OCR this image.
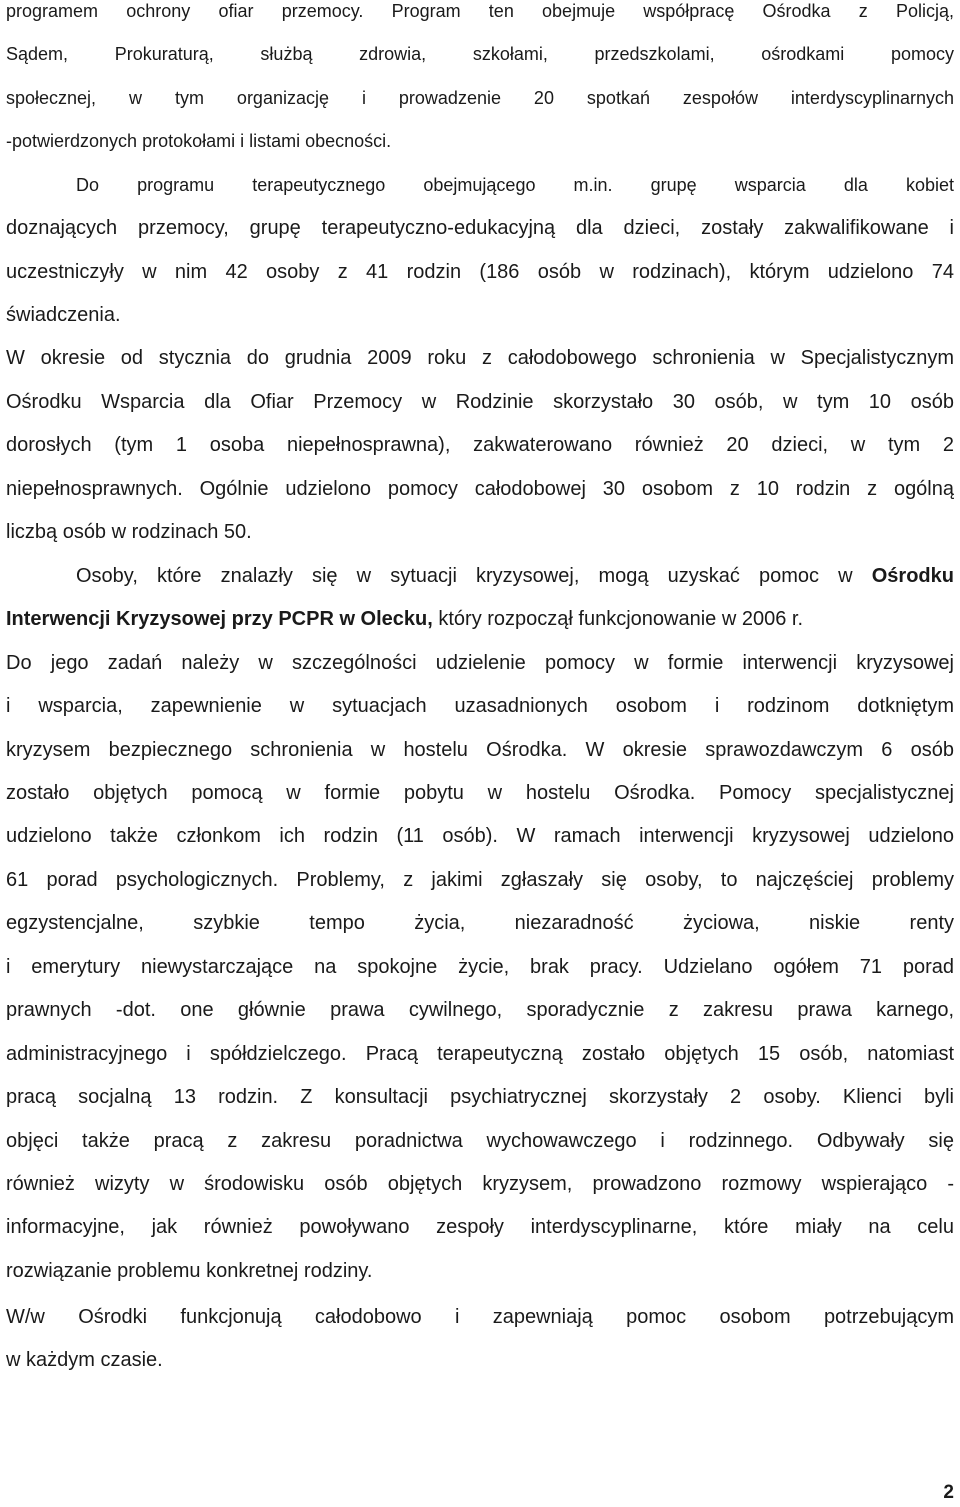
programem ochrony ofiar przemocy. Program ten obejmuje współpracę Ośrodka z Policją,
Sądem, Prokuraturą, służbą zdrowia, szkołami, przedszkolami, ośrodkami pomocy
społecznej, w tym organizację i prowadzenie 20 spotkań zespołów interdyscyplinarnych
-potwierdzonych protokołami i listami obecności.
Do programu terapeutycznego obejmującego m.in. grupę wsparcia dla kobiet
doznających przemocy, grupę terapeutyczno-edukacyjną dla dzieci, zostały zakwalifikowane i
uczestniczyły w nim 42 osoby z 41 rodzin (186 osób w rodzinach), którym udzielono 74
świadczenia.
W okresie od stycznia do grudnia 2009 roku z całodobowego schronienia w Specjalistycznym
Ośrodku Wsparcia dla Ofiar Przemocy w Rodzinie skorzystało 30 osób, w tym 10 osób
dorosłych (tym 1 osoba niepełnosprawna), zakwaterowano również 20 dzieci, w tym 2
niepełnosprawnych. Ogólnie udzielono pomocy całodobowej 30 osobom z 10 rodzin z ogólną
liczbą osób w rodzinach 50.
Osoby, które znalazły się w sytuacji kryzysowej, mogą uzyskać pomoc w Ośrodku
Interwencji Kryzysowej przy PCPR w Olecku, który rozpoczął funkcjonowanie w 2006 r.
Do jego zadań należy w szczególności udzielenie pomocy w formie interwencji kryzysowej
i wsparcia, zapewnienie w sytuacjach uzasadnionych osobom i rodzinom dotkniętym
kryzysem bezpiecznego schronienia w hostelu Ośrodka. W okresie sprawozdawczym 6 osób
zostało objętych pomocą w formie pobytu w hostelu Ośrodka. Pomocy specjalistycznej
udzielono także członkom ich rodzin (11 osób). W ramach interwencji kryzysowej udzielono
61 porad psychologicznych. Problemy, z jakimi zgłaszały się osoby, to najczęściej problemy
egzystencjalne, szybkie tempo życia, niezaradność życiowa, niskie renty
i emerytury niewystarczające na spokojne życie, brak pracy. Udzielano ogółem 71 porad
prawnych -dot. one głównie prawa cywilnego, sporadycznie z zakresu prawa karnego,
administracyjnego i spółdzielczego. Pracą terapeutyczną zostało objętych 15 osób, natomiast
pracą socjalną 13 rodzin. Z konsultacji psychiatrycznej skorzystały 2 osoby. Klienci byli
objęci także pracą z zakresu poradnictwa wychowawczego i rodzinnego. Odbywały się
również wizyty w środowisku osób objętych kryzysem, prowadzono rozmowy wspierająco -
informacyjne, jak również powoływano zespoły interdyscyplinarne, które miały na celu
rozwiązanie problemu konkretnej rodziny.
W/w Ośrodki funkcjonują całodobowo i zapewniają pomoc osobom potrzebującym
w każdym czasie.
2
